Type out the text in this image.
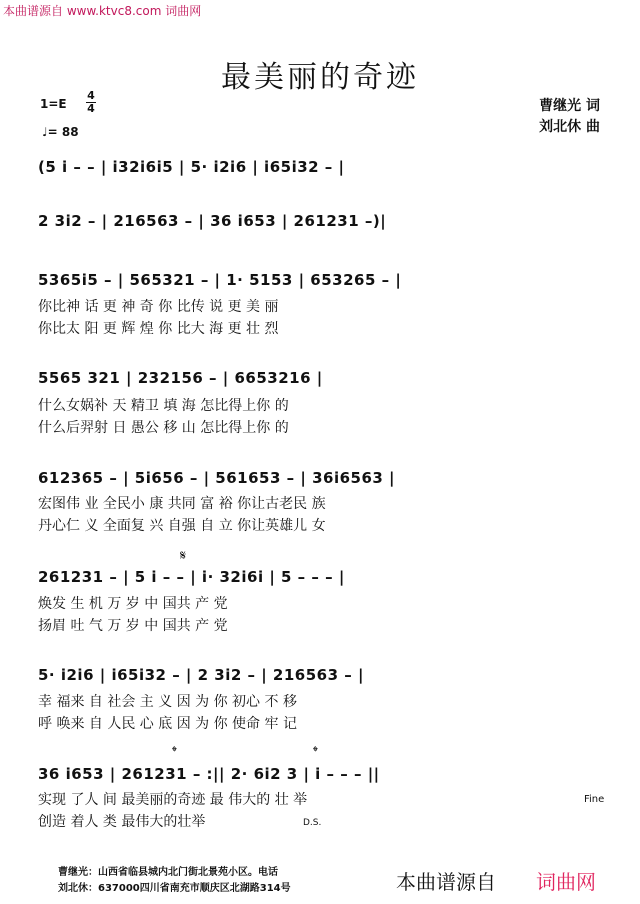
本曲谱源自 www.ktvc8.com 词曲网
最美丽的奇迹
1=E
4
4
♩= 88
曹继光 词
刘北休 曲
(5 i – – | i32i6i5 | 5· i2i6 | i65i32 – |
2 3i2 – | 216563 – | 36 i653 | 261231 –)|
5365i5 – | 565321 – | 1· 5153 | 653265 – |
你比神 话 更 神 奇 你 比传 说 更 美 丽
你比太 阳 更 辉 煌 你 比大 海 更 壮 烈
5565 321 | 232156 – | 6653216 |
什么女娲补 天 精卫 填 海 怎比得上你 的
什么后羿射 日 愚公 移 山 怎比得上你 的
612365 – | 5i656 – | 561653 – | 36i6563 |
宏图伟 业 全民小 康 共同 富 裕 你让古老民 族
丹心仁 义 全面复 兴 自强 自 立 你让英雄儿 女
𝄋
261231 – | 5 i – – | i· 32i6i | 5 – – – |
焕发 生 机 万 岁 中 国共 产 党
扬眉 吐 气 万 岁 中 国共 产 党
5· i2i6 | i65i32 – | 2 3i2 – | 216563 – |
幸 福来 自 社会 主 义 因 为 你 初心 不 移
呼 唤来 自 人民 心 底 因 为 你 使命 牢 记
𝄌	𝄌
36 i653 | 261231 – :|| 2· 6i2 3 | i – – – ||
实现 了人 间 最美丽的奇迹 最 伟大的 壮 举
创造 着人 类 最伟大的壮举
Fine
D.S.
曹继光：山西省临县城内北门街北景苑小区。电话
刘北休：637000四川省南充市顺庆区北湖路314号	本曲谱源自 词曲网
